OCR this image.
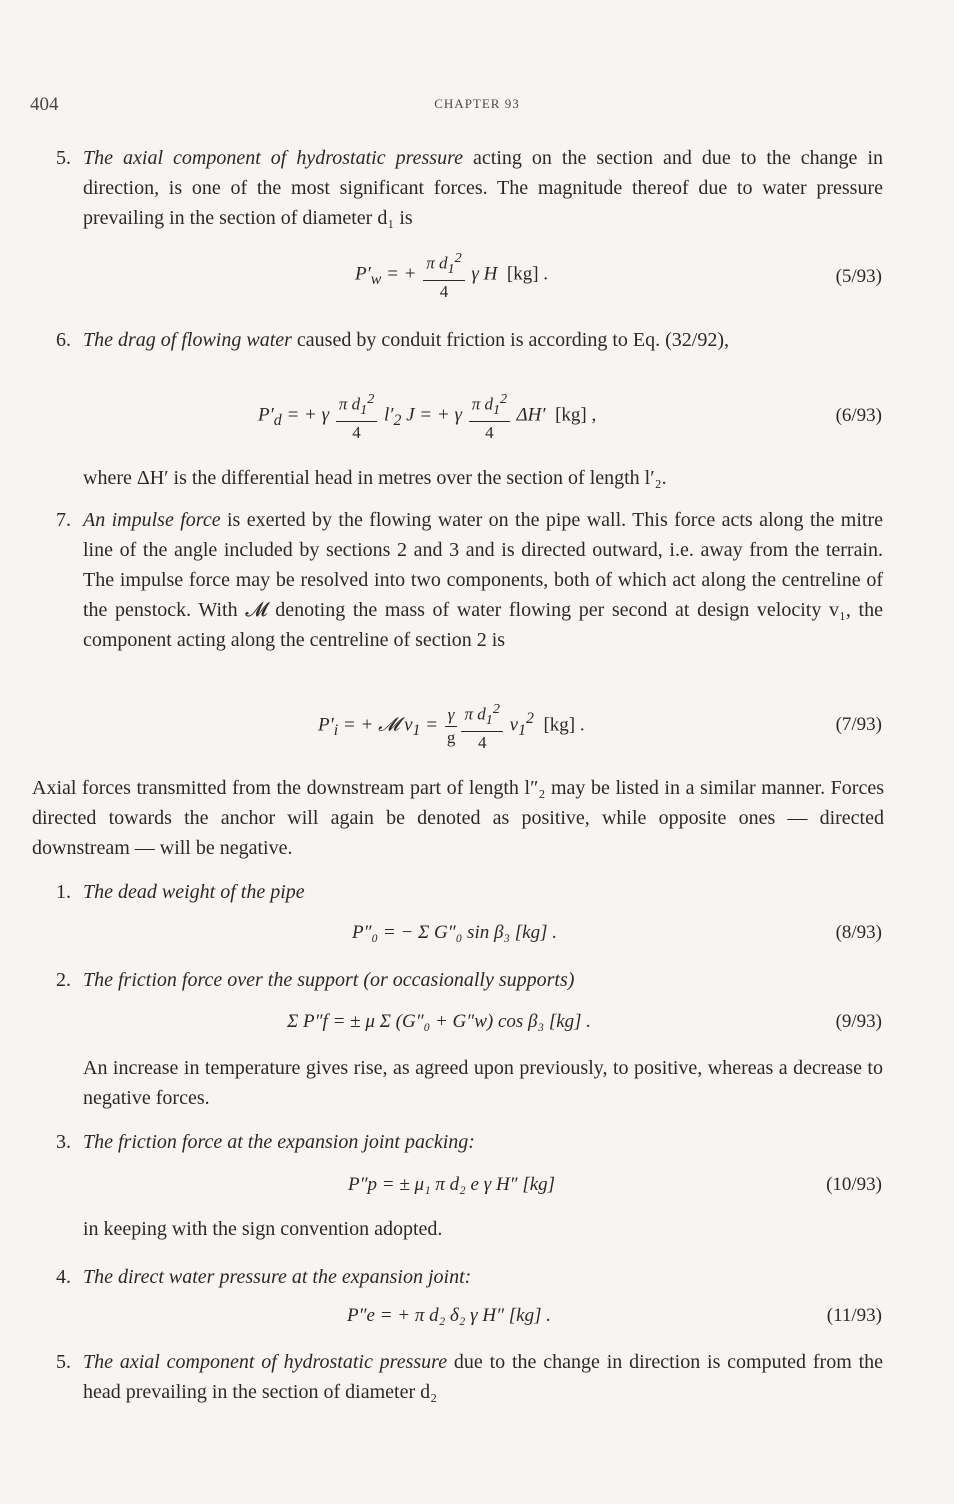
404	CHAPTER 93
5. The axial component of hydrostatic pressure acting on the section and due to the change in direction, is one of the most significant forces. The magnitude thereof due to water pressure prevailing in the section of diameter d₁ is
$P'_w$ = + $\frac{\pi d_1^2}{4}$ γ H  [kg] .	(5/93)
6. The drag of flowing water caused by conduit friction is according to Eq. (32/92),
$P'_d$ = + γ $\frac{\pi d_1^2}{4} l'_2$ J = + γ $\frac{\pi d_1^2}{4} \Delta H'$  [kg] ,	(6/93)
where ΔH′ is the differential head in metres over the section of length l′₂.
7. An impulse force is exerted by the flowing water on the pipe wall. This force acts along the mitre line of the angle included by sections 2 and 3 and is directed outward, i.e. away from the terrain. The impulse force may be resolved into two components, both of which act along the centreline of the penstock. With 𝓜 denoting the mass of water flowing per second at design velocity v₁, the component acting along the centreline of section 2 is
$P'_i$ = + 𝓜 $v_1 = \frac{\gamma}{g} \frac{\pi d_1^2}{4} v_1^2$ [kg] .	(7/93)
Axial forces transmitted from the downstream part of length l″₂ may be listed in a similar manner. Forces directed towards the anchor will again be denoted as positive, while opposite ones — directed downstream — will be negative.
1. The dead weight of the pipe
P″₀ = − Σ G″₀ sin β₃ [kg] .	(8/93)
2. The friction force over the support (or occasionally supports)
Σ P″f = ± μ Σ (G″₀ + G″w) cos β₃ [kg] .	(9/93)
An increase in temperature gives rise, as agreed upon previously, to positive, whereas a decrease to negative forces.
3. The friction force at the expansion joint packing:
P″p = ± μ₁ π d₂ e γ H″ [kg]	(10/93)
in keeping with the sign convention adopted.
4. The direct water pressure at the expansion joint:
P″e = + π d₂ δ₂ γ H″ [kg] .	(11/93)
5. The axial component of hydrostatic pressure due to the change in direction is computed from the head prevailing in the section of diameter d₂
